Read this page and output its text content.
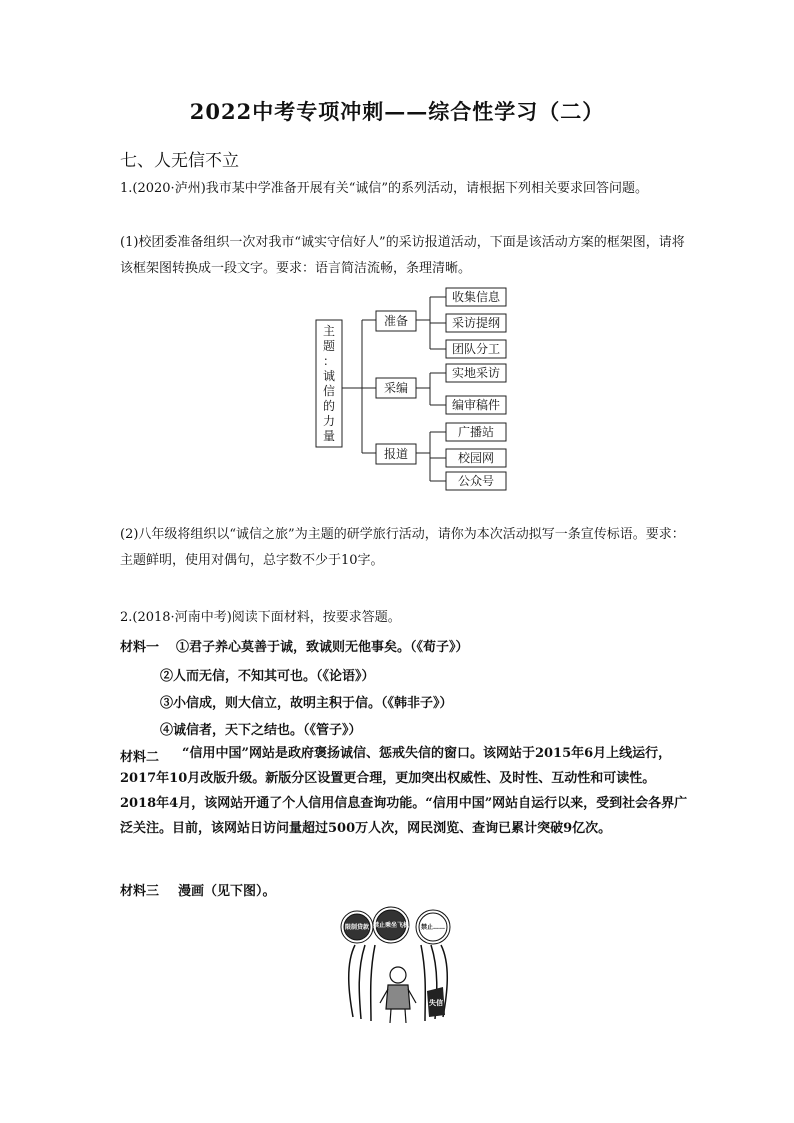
2022中考专项冲刺——综合性学习（二）
七、人无信不立
1.(2020·泸州)我市某中学准备开展有关“诚信”的系列活动，请根据下列相关要求回答问题。
(1)校团委准备组织一次对我市“诚实守信好人”的采访报道活动，下面是该活动方案的框架图，请将该框架图转换成一段文字。要求：语言简洁流畅，条理清晰。
主题：诚信的力量
准备
采编
报道
收集信息
采访提纲
团队分工
实地采访
编审稿件
广播站
校园网
公众号
(2)八年级将组织以“诚信之旅”为主题的研学旅行活动，请你为本次活动拟写一条宣传标语。要求：主题鲜明，使用对偶句，总字数不少于10字。
2.(2018·河南中考)阅读下面材料，按要求答题。
材料一 ①君子养心莫善于诚，致诚则无他事矣。（《荀子》）
②人而无信，不知其可也。（《论语》）
③小信成，则大信立，故明主积于信。（《韩非子》）
④诚信者，天下之结也。（《管子》）
材料二	“信用中国”网站是政府褒扬诚信、惩戒失信的窗口。该网站于2015年6月上线运行，2017年10月改版升级。新版分区设置更合理，更加突出权威性、及时性、互动性和可读性。2018年4月，该网站开通了个人信用信息查询功能。“信用中国”网站自运行以来，受到社会各界广泛关注。目前，该网站日访问量超过500万人次，网民浏览、查询已累计突破9亿次。
材料三 漫画（见下图）。
限制贷款 禁止乘坐飞机 禁止……
失信
